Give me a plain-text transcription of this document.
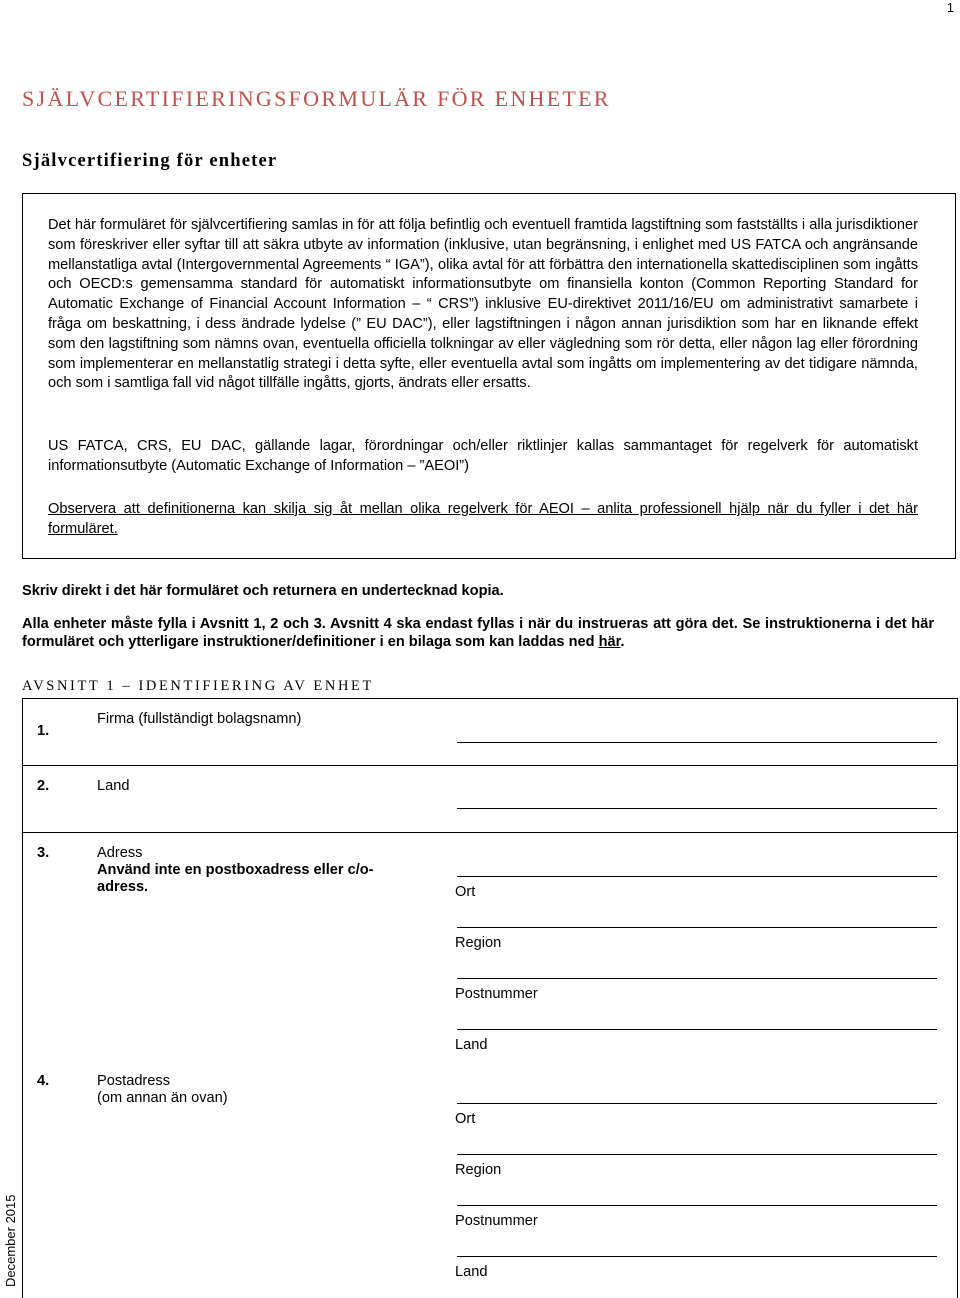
1
December 2015
SJÄLVCERTIFIERINGSFORMULÄR FÖR ENHETER
Självcertifiering för enheter
Det här formuläret för självcertifiering samlas in för att följa befintlig och eventuell framtida lagstiftning som fastställts i alla jurisdiktioner som föreskriver eller syftar till att säkra utbyte av information (inklusive, utan begränsning, i enlighet med US FATCA och angränsande mellanstatliga avtal (Intergovernmental Agreements “ IGA”), olika avtal för att förbättra den internationella skattedisciplinen som ingåtts och OECD:s gemensamma standard för automatiskt informationsutbyte om finansiella konton (Common Reporting Standard for Automatic Exchange of Financial Account Information – “ CRS”) inklusive EU-direktivet 2011/16/EU om administrativt samarbete i fråga om beskattning, i dess ändrade lydelse (” EU DAC”), eller lagstiftningen i någon annan jurisdiktion som har en liknande effekt som den lagstiftning som nämns ovan, eventuella officiella tolkningar av eller vägledning som rör detta, eller någon lag eller förordning som implementerar en mellanstatlig strategi i detta syfte, eller eventuella avtal som ingåtts om implementering av det tidigare nämnda, och som i samtliga fall vid något tillfälle ingåtts, gjorts, ändrats eller ersatts.
US FATCA, CRS, EU DAC, gällande lagar, förordningar och/eller riktlinjer kallas sammantaget för regelverk för automatiskt informationsutbyte (Automatic Exchange of Information – ”AEOI”)
Observera att definitionerna kan skilja sig åt mellan olika regelverk för AEOI – anlita professionell hjälp när du fyller i det här formuläret.
Skriv direkt i det här formuläret och returnera en undertecknad kopia.
Alla enheter måste fylla i Avsnitt 1, 2 och 3. Avsnitt 4 ska endast fyllas i när du instrueras att göra det. Se instruktionerna i det här formuläret och ytterligare instruktioner/definitioner i en bilaga som kan laddas ned här.
AVSNITT 1 – IDENTIFIERING AV ENHET
1.
Firma (fullständigt bolagsnamn)
2.	Land
3.	Adress
Använd inte en postboxadress eller c/o-adress.	Ort
Region
Postnummer
Land
4.	Postadress
(om annan än ovan)
Ort
Region
Postnummer
Land
